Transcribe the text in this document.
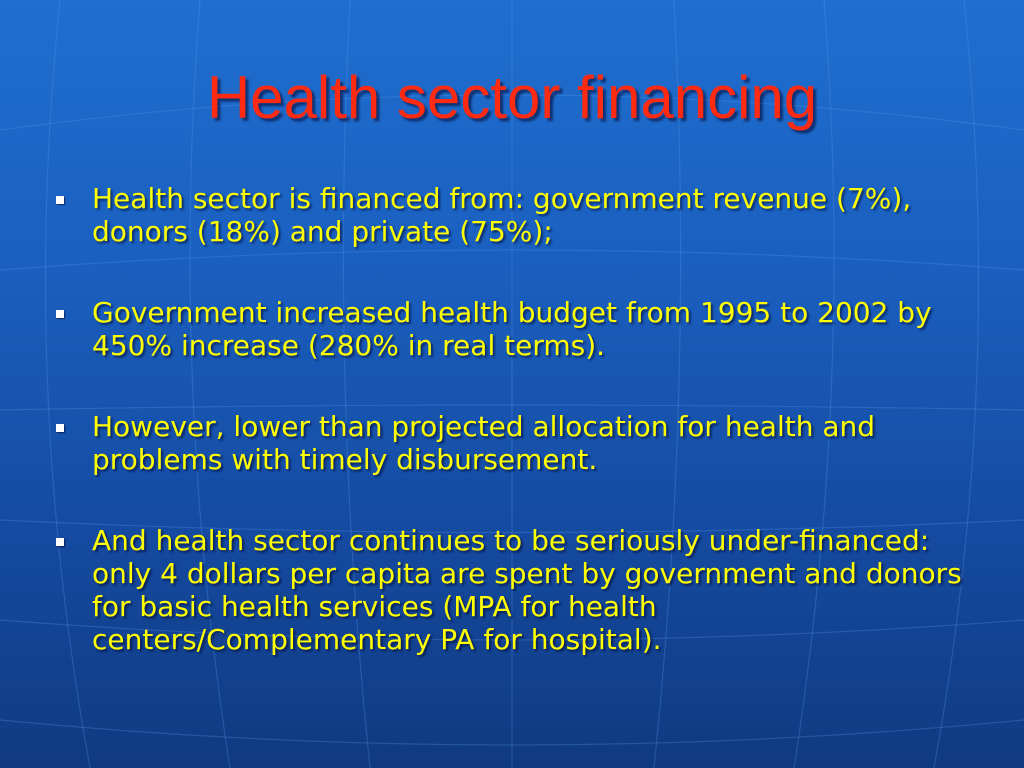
Health sector financing
Health sector is financed from: government revenue (7%), donors (18%) and private (75%);
Government increased health budget from 1995 to 2002 by 450% increase (280% in real terms).
However, lower than projected allocation for health and problems with timely disbursement.
And health sector continues to be seriously under-financed: only 4 dollars per capita are spent by government and donors for basic health services (MPA for health centers/Complementary PA for hospital).
